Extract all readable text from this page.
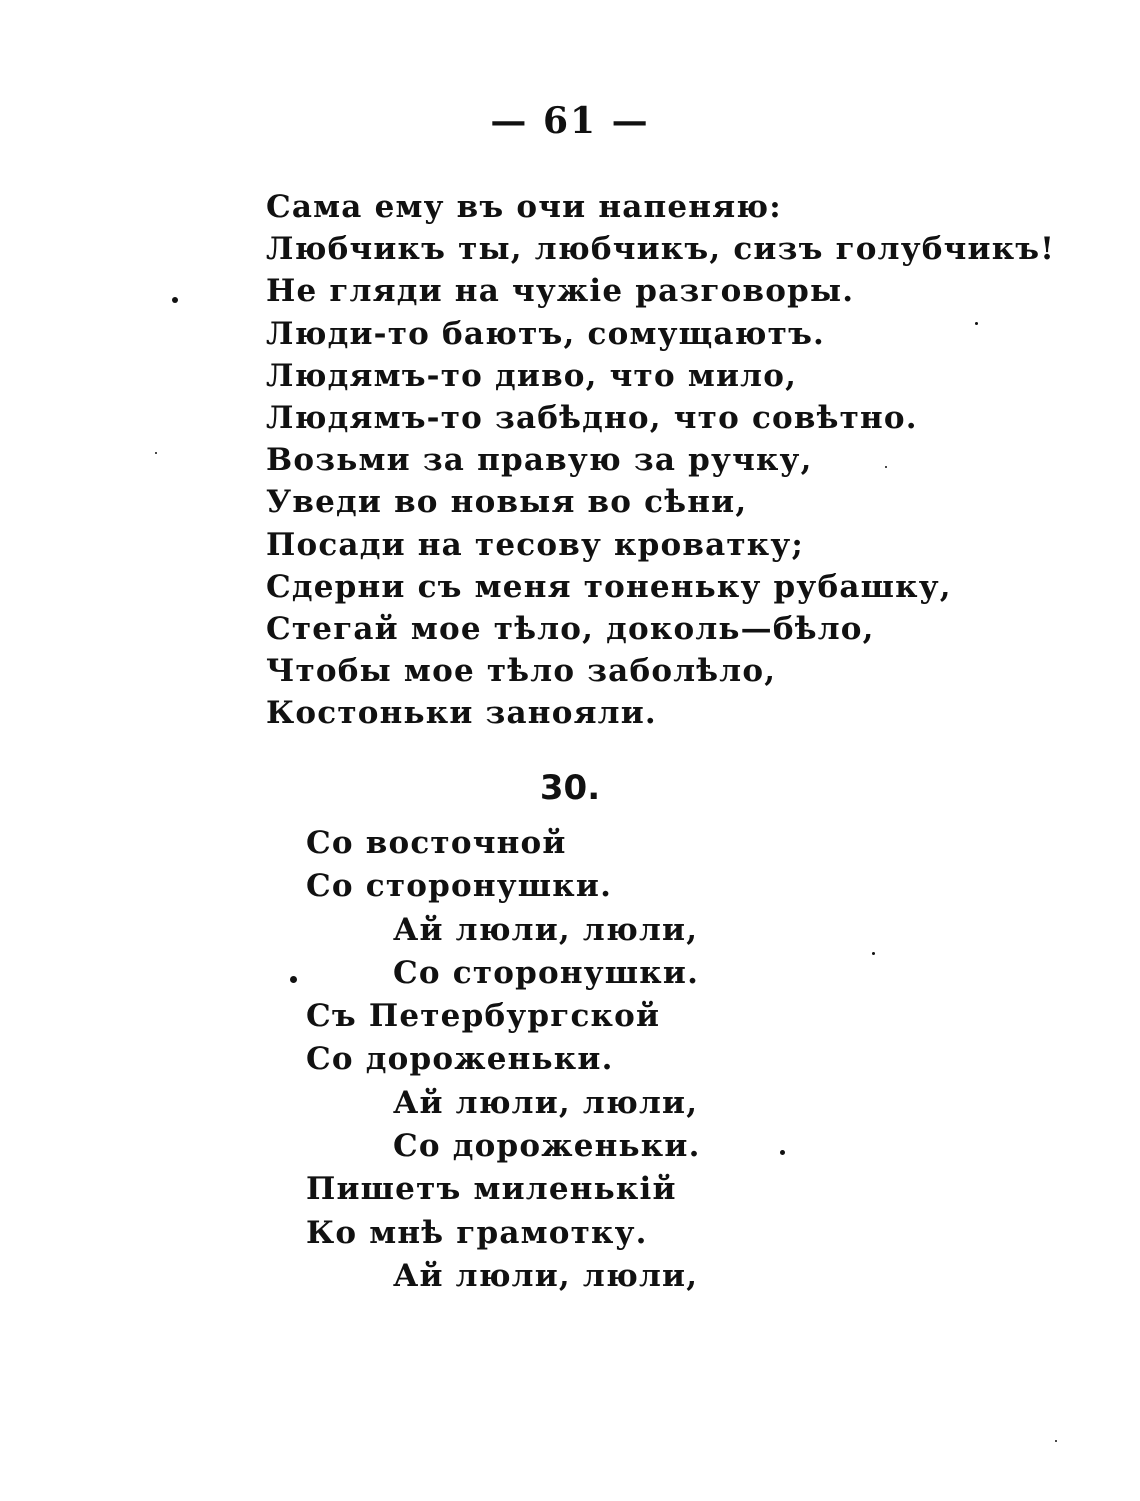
— 61 —
Сама ему въ очи напеняю:
Любчикъ ты, любчикъ, сизъ голубчикъ!
Не гляди на чужіе разговоры.
Люди-то баютъ, сомущаютъ.
Людямъ-то диво, что мило,
Людямъ-то забѣдно, что совѣтно.
Возьми за правую за ручку,
Уведи во новыя во сѣни,
Посади на тесову кроватку;
Сдерни съ меня тоненьку рубашку,
Стегай мое тѣло, доколь—бѣло,
Чтобы мое тѣло заболѣло,
Костоньки занояли.
30.
Со восточной
Со сторонушки.
Ай люли, люли,
Со сторонушки.
Съ Петербургской
Со дороженьки.
Ай люли, люли,
Со дороженьки.
Пишетъ миленькій
Ко мнѣ грамотку.
Ай люли, люли,
